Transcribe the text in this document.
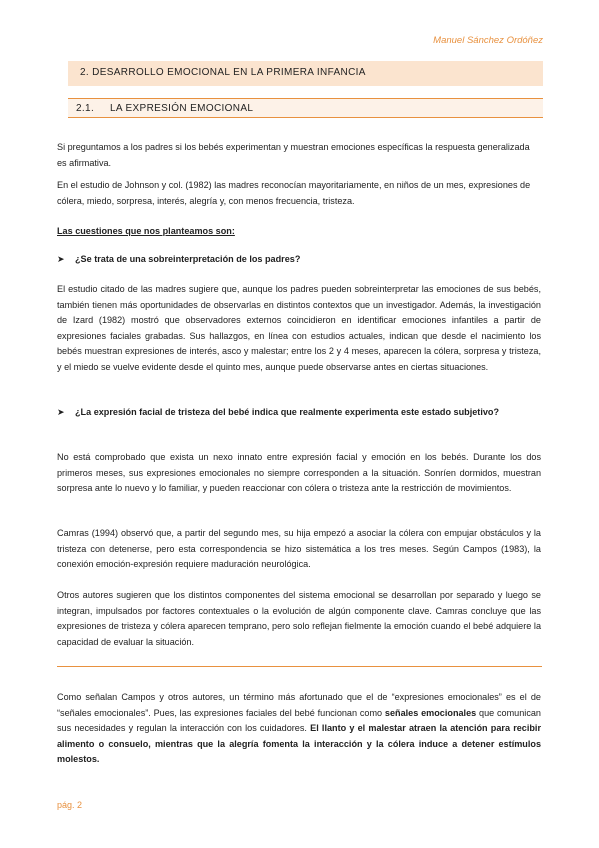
Manuel Sánchez Ordóñez
2. DESARROLLO EMOCIONAL EN LA PRIMERA INFANCIA
2.1. LA EXPRESIÓN EMOCIONAL
Si preguntamos a los padres si los bebés experimentan y muestran emociones específicas la respuesta generalizada es afirmativa.
En el estudio de Johnson y col. (1982) las madres reconocían mayoritariamente, en niños de un mes, expresiones de cólera, miedo, sorpresa, interés, alegría y, con menos frecuencia, tristeza.
Las cuestiones que nos planteamos son:
➤ ¿Se trata de una sobreinterpretación de los padres?
El estudio citado de las madres sugiere que, aunque los padres pueden sobreinterpretar las emociones de sus bebés, también tienen más oportunidades de observarlas en distintos contextos que un investigador. Además, la investigación de Izard (1982) mostró que observadores externos coincidieron en identificar emociones infantiles a partir de expresiones faciales grabadas. Sus hallazgos, en línea con estudios actuales, indican que desde el nacimiento los bebés muestran expresiones de interés, asco y malestar; entre los 2 y 4 meses, aparecen la cólera, sorpresa y tristeza, y el miedo se vuelve evidente desde el quinto mes, aunque puede observarse antes en ciertas situaciones.
➤ ¿La expresión facial de tristeza del bebé indica que realmente experimenta este estado subjetivo?
No está comprobado que exista un nexo innato entre expresión facial y emoción en los bebés. Durante los dos primeros meses, sus expresiones emocionales no siempre corresponden a la situación. Sonríen dormidos, muestran sorpresa ante lo nuevo y lo familiar, y pueden reaccionar con cólera o tristeza ante la restricción de movimientos.
Camras (1994) observó que, a partir del segundo mes, su hija empezó a asociar la cólera con empujar obstáculos y la tristeza con detenerse, pero esta correspondencia se hizo sistemática a los tres meses. Según Campos (1983), la conexión emoción-expresión requiere maduración neurológica.
Otros autores sugieren que los distintos componentes del sistema emocional se desarrollan por separado y luego se integran, impulsados por factores contextuales o la evolución de algún componente clave. Camras concluye que las expresiones de tristeza y cólera aparecen temprano, pero solo reflejan fielmente la emoción cuando el bebé adquiere la capacidad de evaluar la situación.
Como señalan Campos y otros autores, un término más afortunado que el de “expresiones emocionales” es el de “señales emocionales”. Pues, las expresiones faciales del bebé funcionan como señales emocionales que comunican sus necesidades y regulan la interacción con los cuidadores. El llanto y el malestar atraen la atención para recibir alimento o consuelo, mientras que la alegría fomenta la interacción y la cólera induce a detener estímulos molestos.
pág. 2
